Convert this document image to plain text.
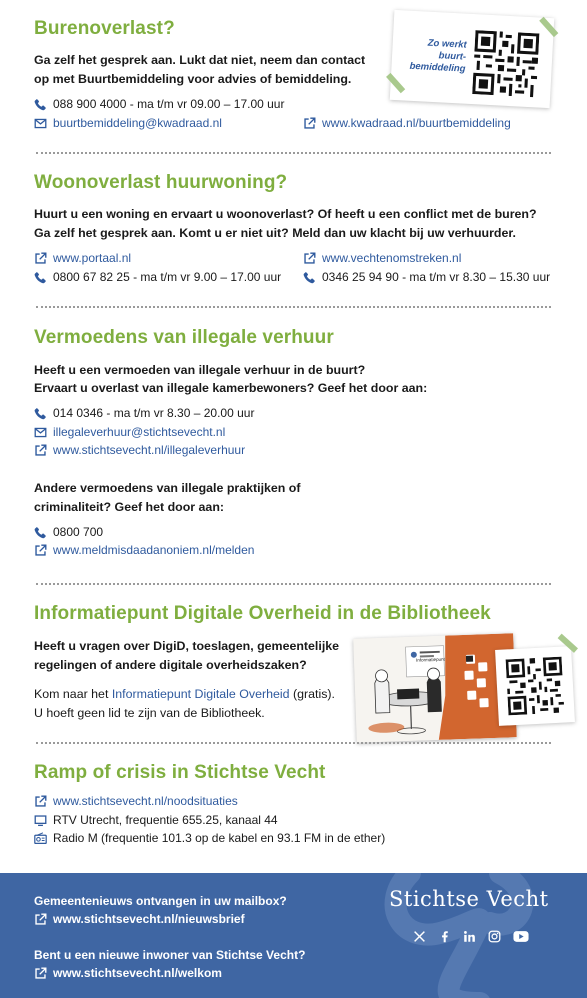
Burenoverlast?
Ga zelf het gesprek aan. Lukt dat niet, neem dan contact op met Buurtbemiddeling voor advies of bemiddeling.
088 900 4000 - ma t/m vr 09.00 – 17.00 uur
buurtbemiddeling@kwadraad.nl	www.kwadraad.nl/buurtbemiddeling
Zo werkt buurt-bemiddeling
Woonoverlast huurwoning?
Huurt u een woning en ervaart u woonoverlast? Of heeft u een conflict met de buren? Ga zelf het gesprek aan. Komt u er niet uit? Meld dan uw klacht bij uw verhuurder.
www.portaal.nl
0800 67 82 25 - ma t/m vr 9.00 – 17.00 uur
www.vechtenomstreken.nl
0346 25 94 90 - ma t/m vr 8.30 – 15.30 uur
Vermoedens van illegale verhuur
Heeft u een vermoeden van illegale verhuur in de buurt?
Ervaart u overlast van illegale kamerbewoners? Geef het door aan:
014 0346 - ma t/m vr 8.30 – 20.00 uur
illegaleverhuur@stichtsevecht.nl
www.stichtsevecht.nl/illegaleverhuur
Andere vermoedens van illegale praktijken of criminaliteit? Geef het door aan:
0800 700
www.meldmisdaadanoniem.nl/melden
Informatiepunt Digitale Overheid in de Bibliotheek
Heeft u vragen over DigiD, toeslagen, gemeentelijke regelingen of andere digitale overheidszaken?
Kom naar het Informatiepunt Digitale Overheid (gratis).
U hoeft geen lid te zijn van de Bibliotheek.
Informatiepunt
Ramp of crisis in Stichtse Vecht
www.stichtsevecht.nl/noodsituaties
RTV Utrecht, frequentie 655.25, kanaal 44
Radio M (frequentie 101.3 op de kabel en 93.1 FM in de ether)
Gemeentenieuws ontvangen in uw mailbox?
www.stichtsevecht.nl/nieuwsbrief
Bent u een nieuwe inwoner van Stichtse Vecht?
www.stichtsevecht.nl/welkom
Stichtse Vecht
